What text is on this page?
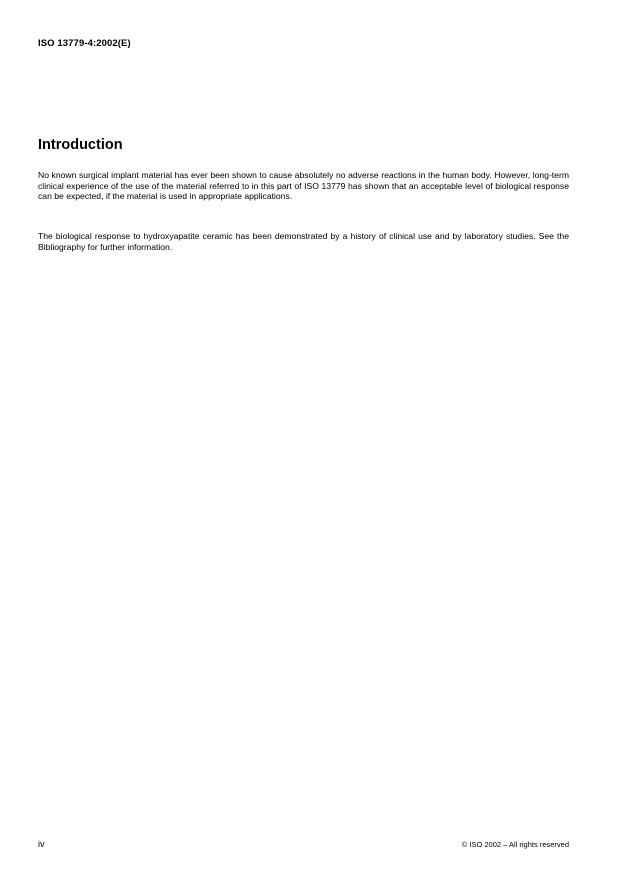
ISO 13779-4:2002(E)
Introduction

No known surgical implant material has ever been shown to cause absolutely no adverse reactions in the human body. However, long-term clinical experience of the use of the material referred to in this part of ISO 13779 has shown that an acceptable level of biological response can be expected, if the material is used in appropriate applications.

The biological response to hydroxyapatite ceramic has been demonstrated by a history of clinical use and by laboratory studies. See the Bibliography for further information.

iv	© ISO 2002 – All rights reserved
